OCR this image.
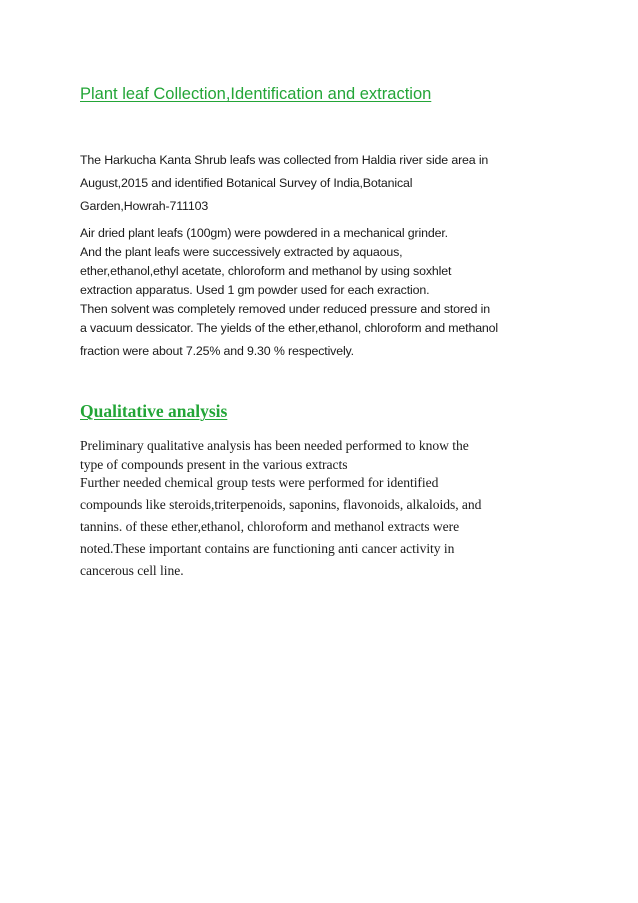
Plant leaf Collection,Identification and extraction

The Harkucha Kanta Shrub leafs was collected from Haldia river side area in

August,2015 and identified Botanical Survey of India,Botanical

Garden,Howrah-711103

Air dried plant leafs (100gm) were powdered in a mechanical grinder.

And the plant leafs were successively extracted by aquaous,

ether,ethanol,ethyl acetate, chloroform and methanol by using soxhlet

extraction apparatus. Used 1 gm powder used for each exraction.

Then solvent was completely removed under reduced pressure and stored in

a vacuum dessicator. The yields of the ether,ethanol, chloroform and methanol

fraction were about 7.25% and 9.30 % respectively.

Qualitative analysis

Preliminary qualitative analysis has been needed performed to know the

type of compounds present in the various extracts

Further needed chemical group tests were performed for identified

compounds like steroids,triterpenoids, saponins, flavonoids, alkaloids, and

tannins. of these ether,ethanol, chloroform and methanol extracts were

noted.These important contains are functioning anti cancer activity in

cancerous cell line.
